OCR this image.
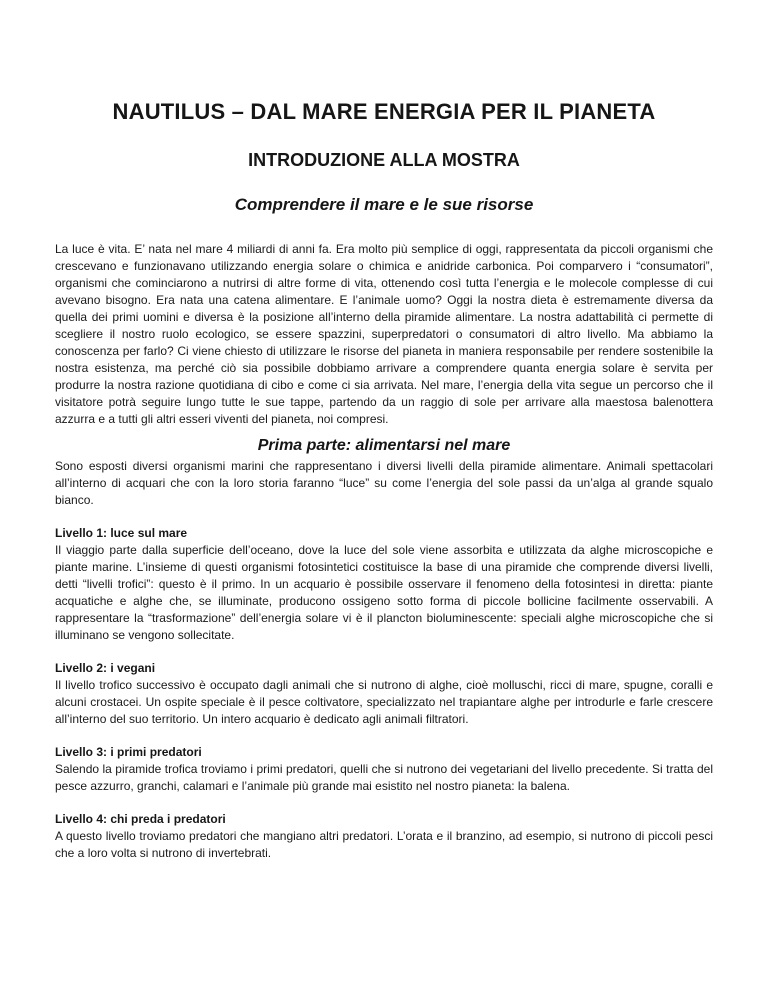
NAUTILUS – DAL MARE ENERGIA PER IL PIANETA
INTRODUZIONE ALLA MOSTRA
Comprendere il mare e le sue risorse

La luce è vita. E’ nata nel mare 4 miliardi di anni fa. Era molto più semplice di oggi, rappresentata da piccoli organismi che crescevano e funzionavano utilizzando energia solare o chimica e anidride carbonica. Poi comparvero i “consumatori”, organismi che cominciarono a nutrirsi di altre forme di vita, ottenendo così tutta l’energia e le molecole complesse di cui avevano bisogno. Era nata una catena alimentare. E l’animale uomo? Oggi la nostra dieta è estremamente diversa da quella dei primi uomini e diversa è la posizione all’interno della piramide alimentare. La nostra adattabilità ci permette di scegliere il nostro ruolo ecologico, se essere spazzini, superpredatori o consumatori di altro livello. Ma abbiamo la conoscenza per farlo? Ci viene chiesto di utilizzare le risorse del pianeta in maniera responsabile per rendere sostenibile la nostra esistenza, ma perché ciò sia possibile dobbiamo arrivare a comprendere quanta energia solare è servita per produrre la nostra razione quotidiana di cibo e come ci sia arrivata. Nel mare, l’energia della vita segue un percorso che il visitatore potrà seguire lungo tutte le sue tappe, partendo da un raggio di sole per arrivare alla maestosa balenottera azzurra e a tutti gli altri esseri viventi del pianeta, noi compresi.

Prima parte: alimentarsi nel mare

Sono esposti diversi organismi marini che rappresentano i diversi livelli della piramide alimentare. Animali spettacolari all’interno di acquari che con la loro storia faranno “luce” su come l’energia del sole passi da un’alga al grande squalo bianco.

Livello 1: luce sul mare

Il viaggio parte dalla superficie dell’oceano, dove la luce del sole viene assorbita e utilizzata da alghe microscopiche e piante marine. L’insieme di questi organismi fotosintetici costituisce la base di una piramide che comprende diversi livelli, detti “livelli trofici”: questo è il primo. In un acquario è possibile osservare il fenomeno della fotosintesi in diretta: piante acquatiche e alghe che, se illuminate, producono ossigeno sotto forma di piccole bollicine facilmente osservabili. A rappresentare la “trasformazione” dell’energia solare vi è il plancton bioluminescente: speciali alghe microscopiche che si illuminano se vengono sollecitate.

Livello 2: i vegani

Il livello trofico successivo è occupato dagli animali che si nutrono di alghe, cioè molluschi, ricci di mare, spugne, coralli e alcuni crostacei. Un ospite speciale è il pesce coltivatore, specializzato nel trapiantare alghe per introdurle e farle crescere all’interno del suo territorio. Un intero acquario è dedicato agli animali filtratori.

Livello 3: i primi predatori

Salendo la piramide trofica troviamo i primi predatori, quelli che si nutrono dei vegetariani del livello precedente. Si tratta del pesce azzurro, granchi, calamari e l’animale più grande mai esistito nel nostro pianeta: la balena.

Livello 4: chi preda i predatori

A questo livello troviamo predatori che mangiano altri predatori. L’orata e il branzino, ad esempio, si nutrono di piccoli pesci che a loro volta si nutrono di invertebrati.
